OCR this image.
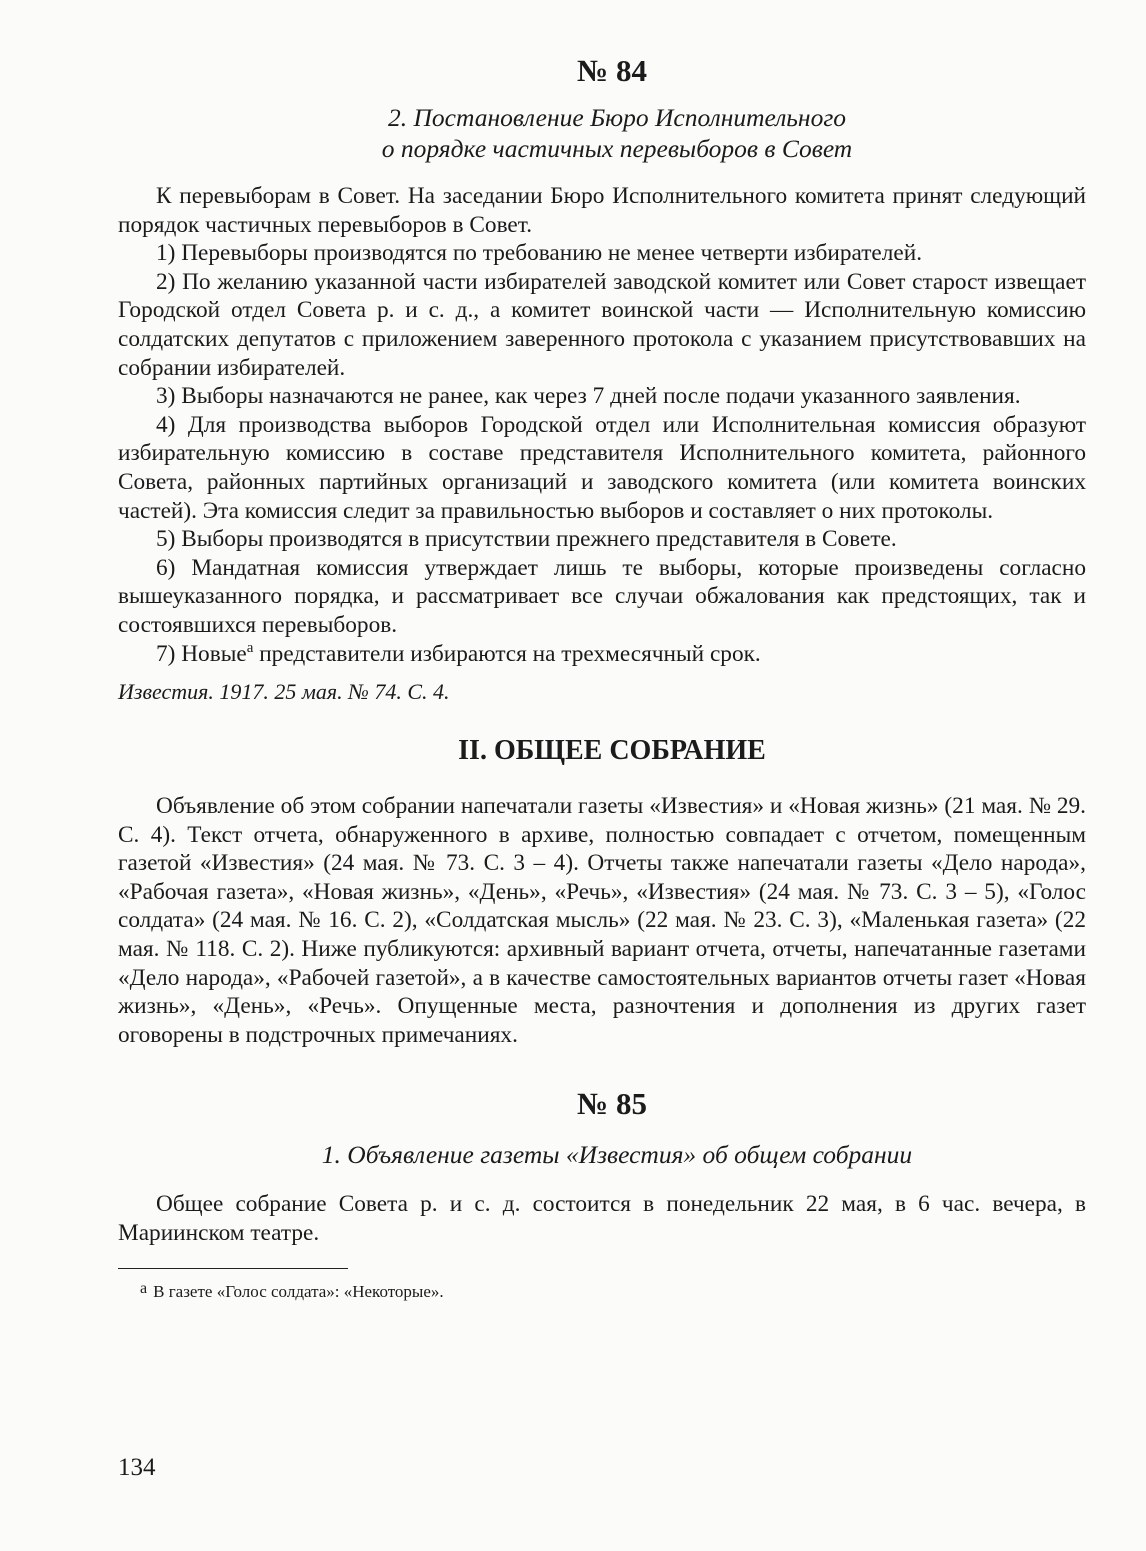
№ 84
2. Постановление Бюро Исполнительного
о порядке частичных перевыборов в Совет

К перевыборам в Совет. На заседании Бюро Исполнительного комитета принят следующий порядок частичных перевыборов в Совет.

1) Перевыборы производятся по требованию не менее четверти избирателей.

2) По желанию указанной части избирателей заводской комитет или Совет старост извещает Городской отдел Совета р. и с. д., а комитет воинской части — Исполнительную комиссию солдатских депутатов с приложением заверенного протокола с указанием присутствовавших на собрании избирателей.

3) Выборы назначаются не ранее, как через 7 дней после подачи указанного заявления.

4) Для производства выборов Городской отдел или Исполнительная комиссия образуют избирательную комиссию в составе представителя Исполнительного комитета, районного Совета, районных партийных организаций и заводского комитета (или комитета воинских частей). Эта комиссия следит за правильностью выборов и составляет о них протоколы.

5) Выборы производятся в присутствии прежнего представителя в Совете.

6) Мандатная комиссия утверждает лишь те выборы, которые произведены согласно вышеуказанного порядка, и рассматривает все случаи обжалования как предстоящих, так и состоявшихся перевыборов.

7) Новые$^а$ представители избираются на трехмесячный срок.

Известия. 1917. 25 мая. № 74. С. 4.

II. ОБЩЕЕ СОБРАНИЕ

Объявление об этом собрании напечатали газеты «Известия» и «Новая жизнь» (21 мая. № 29. С. 4). Текст отчета, обнаруженного в архиве, полностью совпадает с отчетом, помещенным газетой «Известия» (24 мая. № 73. С. 3 – 4). Отчеты также напечатали газеты «Дело народа», «Рабочая газета», «Новая жизнь», «День», «Речь», «Известия» (24 мая. № 73. С. 3 – 5), «Голос солдата» (24 мая. № 16. С. 2), «Солдатская мысль» (22 мая. № 23. С. 3), «Маленькая газета» (22 мая. № 118. С. 2). Ниже публикуются: архивный вариант отчета, отчеты, напечатанные газетами «Дело народа», «Рабочей газетой», а в качестве самостоятельных вариантов отчеты газет «Новая жизнь», «День», «Речь». Опущенные места, разночтения и дополнения из других газет оговорены в подстрочных примечаниях.

№ 85
1. Объявление газеты «Известия» об общем собрании

Общее собрание Совета р. и с. д. состоится в понедельник 22 мая, в 6 час. вечера, в Мариинском театре.

$^а$ В газете «Голос солдата»: «Некоторые».

134
